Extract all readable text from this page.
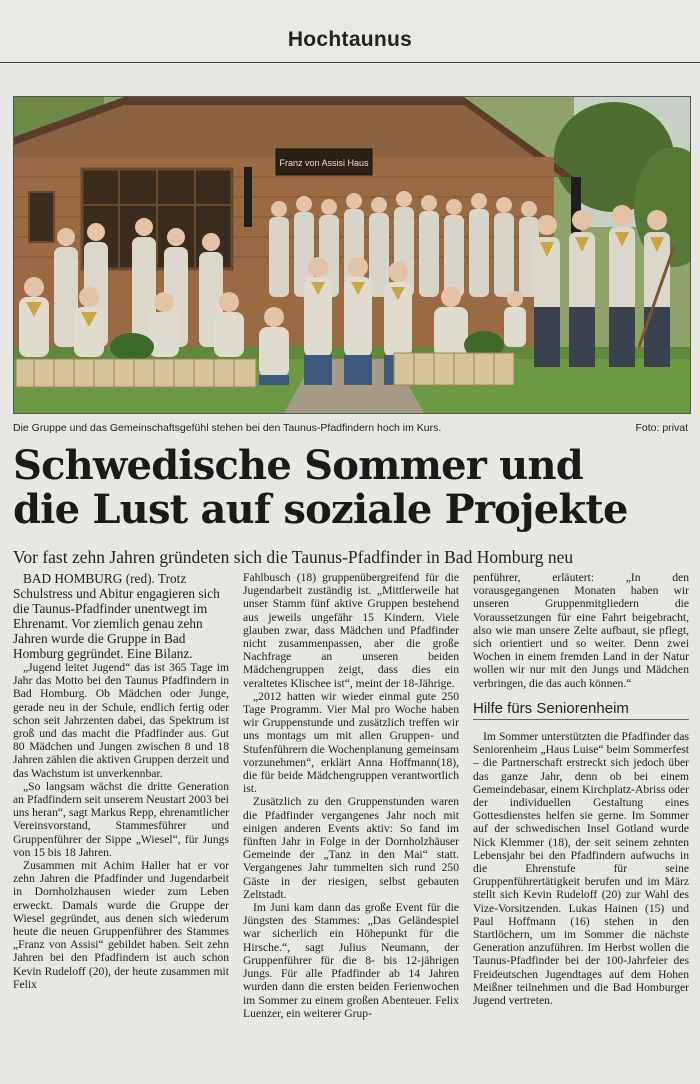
Hochtaunus
Franz von Assisi Haus
Die Gruppe und das Gemeinschaftsgefühl stehen bei den Taunus-Pfadfindern hoch im Kurs.	Foto: privat
Schwedische Sommer und
die Lust auf soziale Projekte
Vor fast zehn Jahren gründeten sich die Taunus-Pfadfinder in Bad Homburg neu

BAD HOMBURG (red). Trotz Schulstress und Abitur engagieren sich die Taunus-Pfadfinder unentwegt im Ehrenamt. Vor ziemlich genau zehn Jahren wurde die Gruppe in Bad Homburg gegründet. Eine Bilanz.

„Jugend leitet Jugend“ das ist 365 Tage im Jahr das Motto bei den Taunus Pfadfindern in Bad Homburg. Ob Mädchen oder Junge, gerade neu in der Schule, endlich fertig oder schon seit Jahrzenten dabei, das Spektrum ist groß und das macht die Pfadfinder aus. Gut 80 Mädchen und Jungen zwischen 8 und 18 Jahren zählen die aktiven Gruppen derzeit und das Wachstum ist unverkennbar.

„So langsam wächst die dritte Generation an Pfadfindern seit unserem Neustart 2003 bei uns heran“, sagt Markus Repp, ehrenamtlicher Vereinsvorstand, Stammesführer und Gruppenführer der Sippe „Wiesel“, für Jungs von 15 bis 18 Jahren.

Zusammen mit Achim Haller hat er vor zehn Jahren die Pfadfinder und Jugendarbeit in Dornholzhausen wieder zum Leben erweckt. Damals wurde die Gruppe der Wiesel gegründet, aus denen sich wiederum heute die neuen Gruppenführer des Stammes „Franz von Assisi“ gebildet haben. Seit zehn Jahren bei den Pfadfindern ist auch schon Kevin Rudeloff (20), der heute zusammen mit Felix

Fahlbusch (18) gruppenübergreifend für die Jugendarbeit zuständig ist. „Mittlerweile hat unser Stamm fünf aktive Gruppen bestehend aus jeweils ungefähr 15 Kindern. Viele glauben zwar, dass Mädchen und Pfadfinder nicht zusammenpassen, aber die große Nachfrage an unseren beiden Mädchengruppen zeigt, dass dies ein veraltetes Klischee ist“, meint der 18-Jährige.

„2012 hatten wir wieder einmal gute 250 Tage Programm. Vier Mal pro Woche haben wir Gruppenstunde und zusätzlich treffen wir uns montags um mit allen Gruppen- und Stufenführern die Wochenplanung gemeinsam vorzunehmen“, erklärt Anna Hoffmann(18), die für beide Mädchengruppen verantwortlich ist.

Zusätzlich zu den Gruppenstunden waren die Pfadfinder vergangenes Jahr noch mit einigen anderen Events aktiv: So fand im fünften Jahr in Folge in der Dornholzhäuser Gemeinde der „Tanz in den Mai“ statt. Vergangenes Jahr tummelten sich rund 250 Gäste in der riesigen, selbst gebauten Zeltstadt.

Im Juni kam dann das große Event für die Jüngsten des Stammes: „Das Geländespiel war sicherlich ein Höhepunkt für die Hirsche.“, sagt Julius Neumann, der Gruppenführer für die 8- bis 12-jährigen Jungs. Für alle Pfadfinder ab 14 Jahren wurden dann die ersten beiden Ferienwochen im Sommer zu einem großen Abenteuer. Felix Luenzer, ein weiterer Grup-

penführer, erläutert: „In den vorausgegangenen Monaten haben wir unseren Gruppenmitgliedern die Voraussetzungen für eine Fahrt beigebracht, also wie man unsere Zelte aufbaut, sie pflegt, sich orientiert und so weiter. Denn zwei Wochen in einem fremden Land in der Natur wollen wir nur mit den Jungs und Mädchen verbringen, die das auch können.“

Hilfe fürs Seniorenheim

Im Sommer unterstützten die Pfadfinder das Seniorenheim „Haus Luise“ beim Sommerfest – die Partnerschaft erstreckt sich jedoch über das ganze Jahr, denn ob bei einem Gemeindebasar, einem Kirchplatz-Abriss oder der individuellen Gestaltung eines Gottesdienstes helfen sie gerne. Im Sommer auf der schwedischen Insel Gotland wurde Nick Klemmer (18), der seit seinem zehnten Lebensjahr bei den Pfadfindern aufwuchs in die Ehrenstufe für seine Gruppenführertätigkeit berufen und im März stellt sich Kevin Rudeloff (20) zur Wahl des Vize-Vorsitzenden. Lukas Hainen (15) und Paul Hoffmann (16) stehen in den Startlöchern, um im Sommer die nächste Generation anzuführen. Im Herbst wollen die Taunus-Pfadfinder bei der 100-Jahrfeier des Freideutschen Jugendtages auf dem Hohen Meißner teilnehmen und die Bad Homburger Jugend vertreten.
